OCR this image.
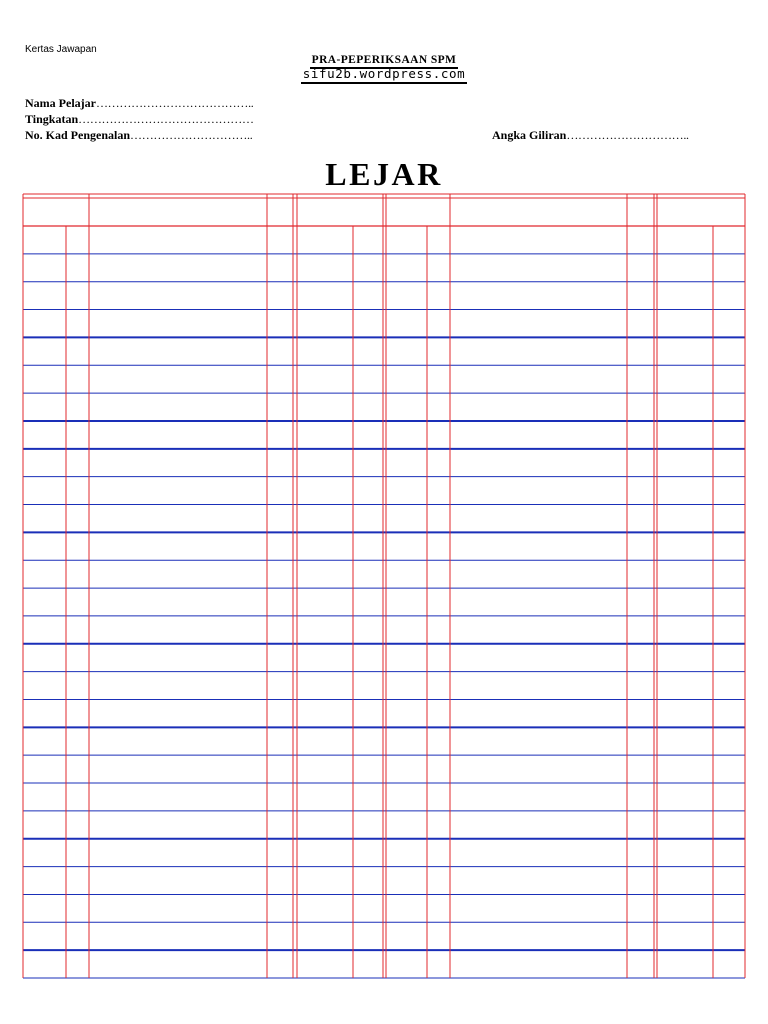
Kertas Jawapan
PRA-PEPERIKSAAN SPM
sifu2b.wordpress.com
Nama Pelajar…………………………………..
Tingkatan………………………………………
No. Kad Pengenalan…………………………..	Angka Giliran…………………………..
LEJAR
